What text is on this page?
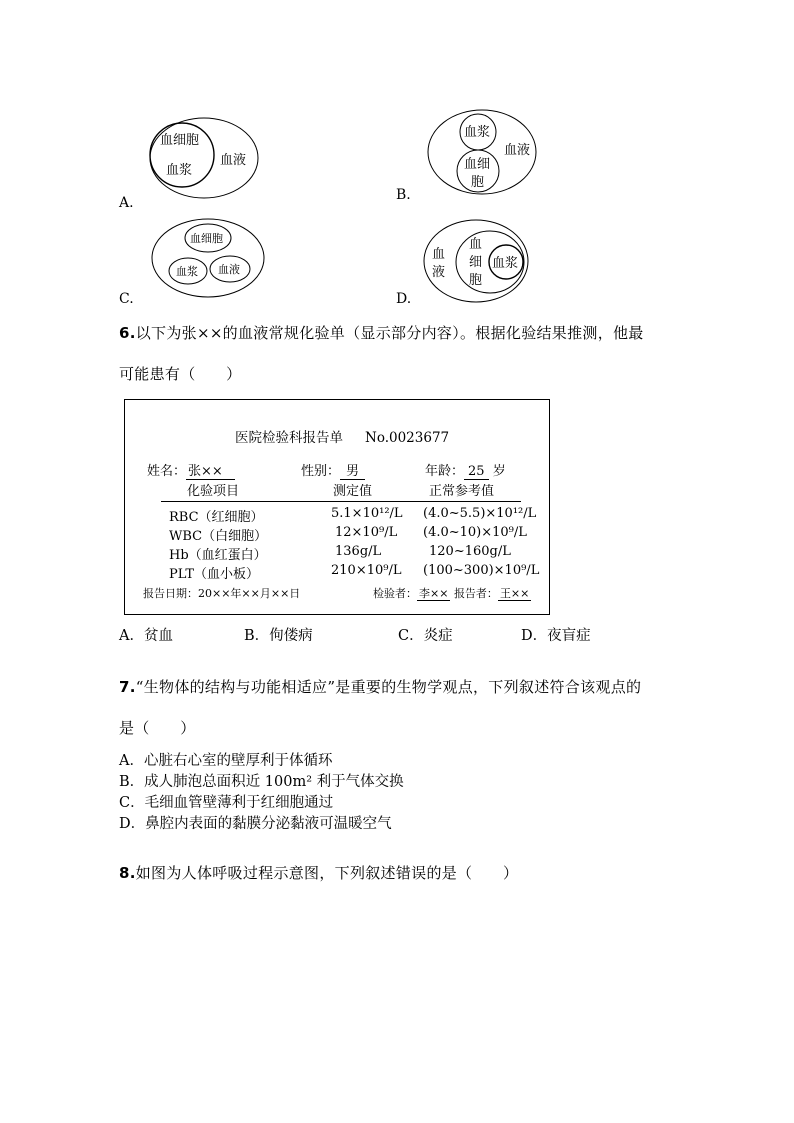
血细胞
血浆
血液
A.
血浆
血细
胞
血液
B.
血细胞
血浆 血液
C.
血
液
血
细
胞
血浆
D.
6.以下为张××的血液常规化验单（显示部分内容）。根据化验结果推测，他最
可能患有（　　）
医院检验科报告单 No.0023677
姓名： 张××	性别： 男	年龄： 25 岁
化验项目	测定值	正常参考值
RBC（红细胞）	5.1×10¹²/L (4.0~5.5)×10¹²/L
WBC（白细胞）	12×10⁹/L (4.0~10)×10⁹/L
Hb（血红蛋白）	136g/L	120~160g/L
PLT（血小板）	210×10⁹/L (100~300)×10⁹/L
报告日期：20××年××月××日	检验者： 李×× 报告者： 王××
A．贫血	B．佝偻病	C．炎症	D．夜盲症
7.“生物体的结构与功能相适应”是重要的生物学观点，下列叙述符合该观点的
是（　　）
A．心脏右心室的壁厚利于体循环
B．成人肺泡总面积近 100m² 利于气体交换
C．毛细血管壁薄利于红细胞通过
D．鼻腔内表面的黏膜分泌黏液可温暖空气
8.如图为人体呼吸过程示意图，下列叙述错误的是（　　）
